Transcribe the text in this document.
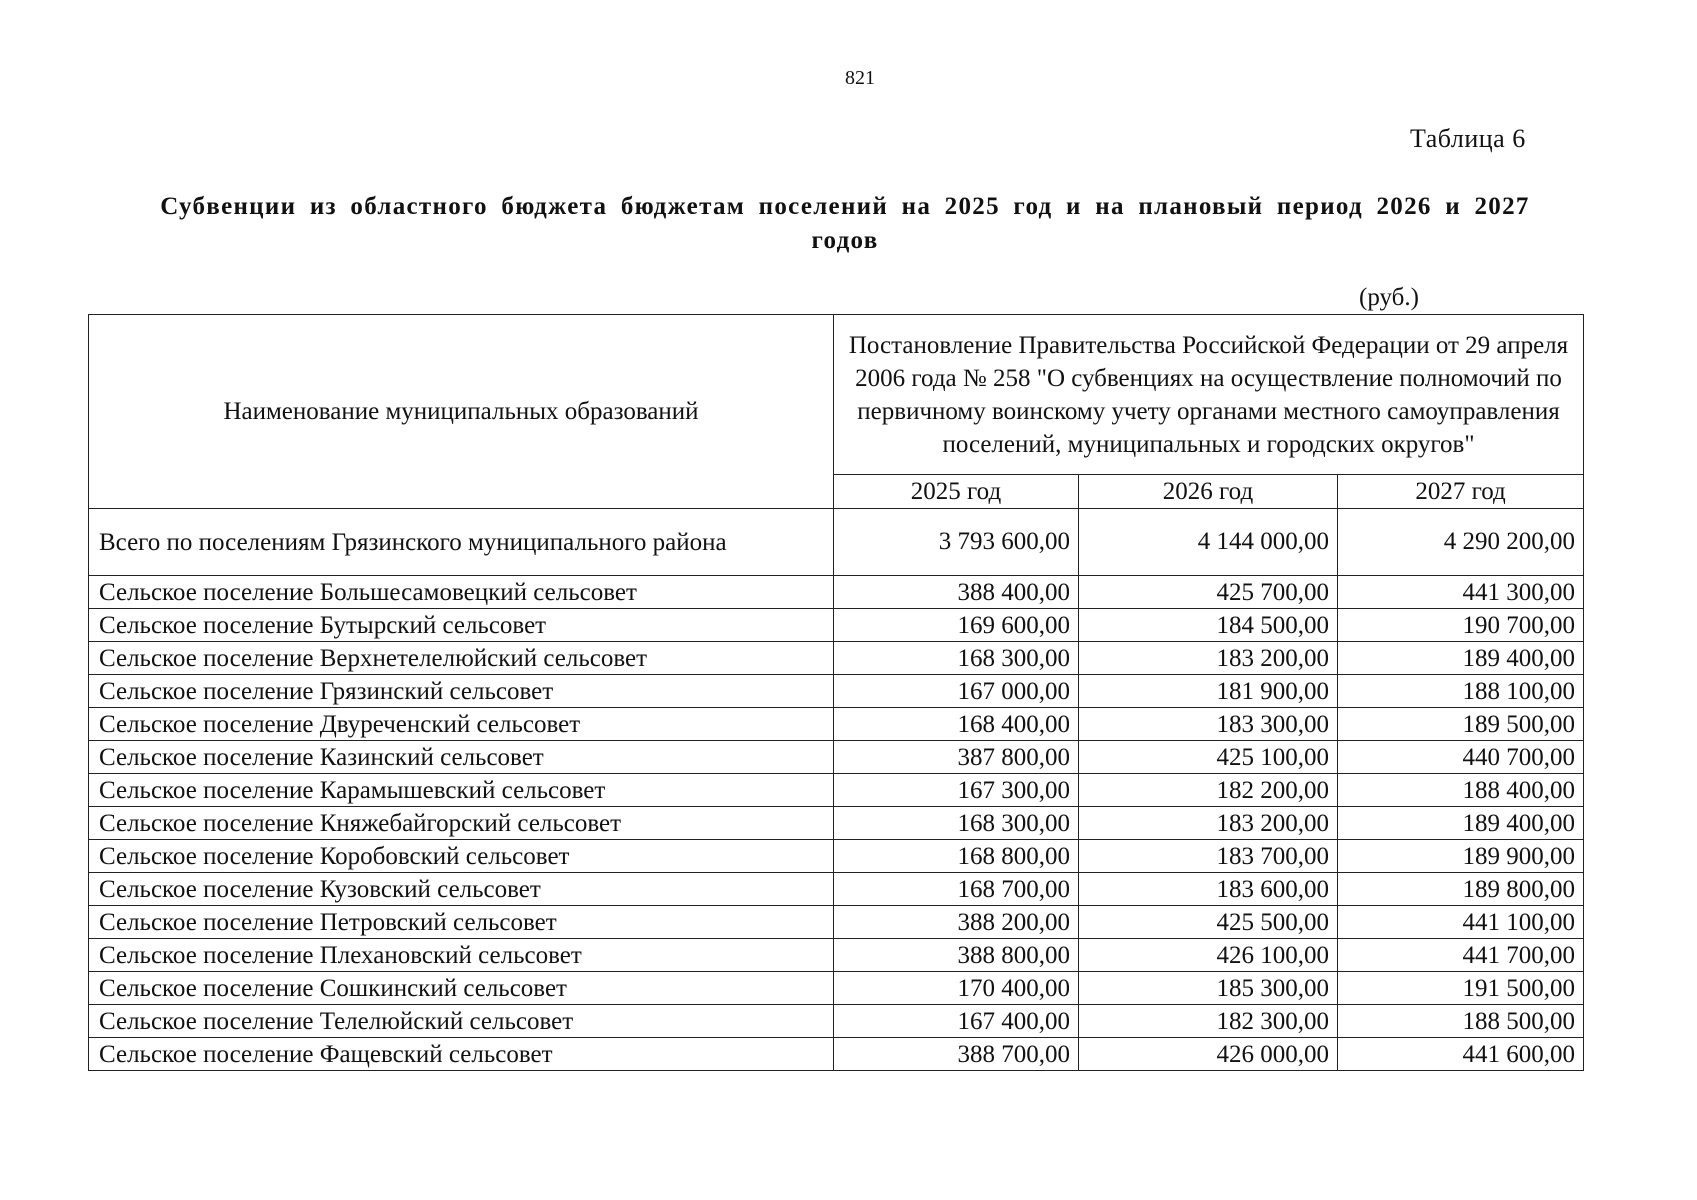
821
Таблица 6
Субвенции из областного бюджета бюджетам поселений на 2025 год и на плановый период 2026 и 2027 годов
(руб.)
Наименование муниципальных образований	Постановление Правительства Российской Федерации от 29 апреля 2006 года № 258 "О субвенциях на осуществление полномочий по первичному воинскому учету органами местного самоуправления поселений, муниципальных и городских округов"		
	2025 год	2026 год	2027 год
Всего по поселениям Грязинского муниципального района	3 793 600,00	4 144 000,00	4 290 200,00
Сельское поселение Большесамовецкий сельсовет	388 400,00	425 700,00	441 300,00
Сельское поселение Бутырский сельсовет	169 600,00	184 500,00	190 700,00
Сельское поселение Верхнетелелюйский сельсовет	168 300,00	183 200,00	189 400,00
Сельское поселение Грязинский сельсовет	167 000,00	181 900,00	188 100,00
Сельское поселение Двуреченский сельсовет	168 400,00	183 300,00	189 500,00
Сельское поселение Казинский сельсовет	387 800,00	425 100,00	440 700,00
Сельское поселение Карамышевский сельсовет	167 300,00	182 200,00	188 400,00
Сельское поселение Княжебайгорский сельсовет	168 300,00	183 200,00	189 400,00
Сельское поселение Коробовский сельсовет	168 800,00	183 700,00	189 900,00
Сельское поселение Кузовский сельсовет	168 700,00	183 600,00	189 800,00
Сельское поселение Петровский сельсовет	388 200,00	425 500,00	441 100,00
Сельское поселение Плехановский сельсовет	388 800,00	426 100,00	441 700,00
Сельское поселение Сошкинский сельсовет	170 400,00	185 300,00	191 500,00
Сельское поселение Телелюйский сельсовет	167 400,00	182 300,00	188 500,00
Сельское поселение Фащевский сельсовет	388 700,00	426 000,00	441 600,00
